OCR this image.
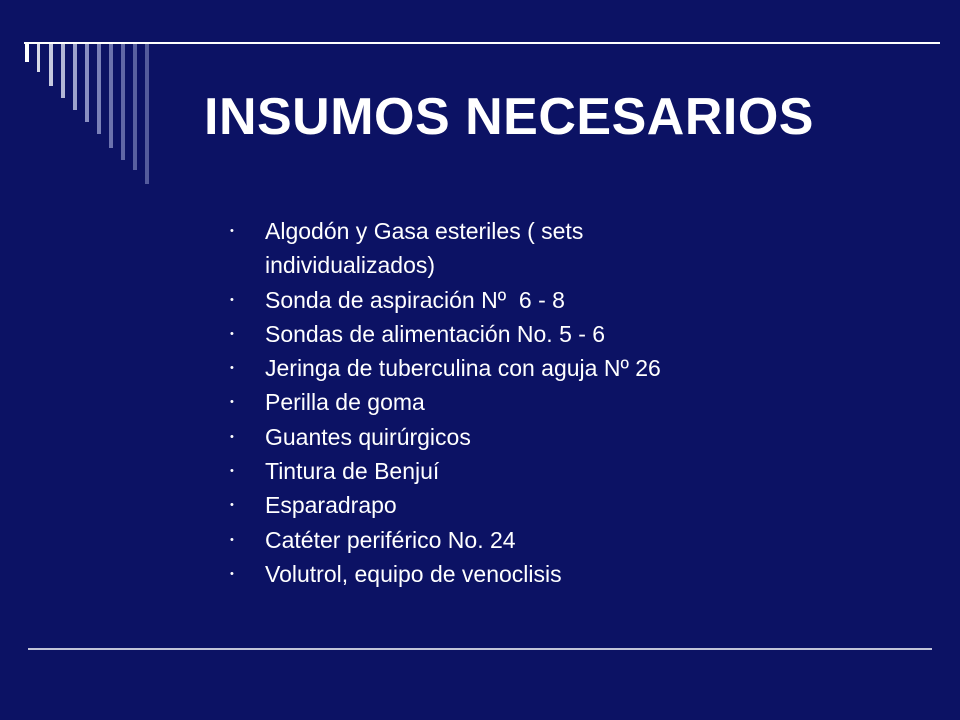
INSUMOS NECESARIOS
• Algodón y Gasa esteriles ( sets individualizados)
• Sonda de aspiración Nº  6 - 8
• Sondas de alimentación No. 5 - 6
• Jeringa de tuberculina con aguja Nº 26
• Perilla de goma
• Guantes quirúrgicos
• Tintura de Benjuí
• Esparadrapo
• Catéter periférico No. 24
• Volutrol, equipo de venoclisis
